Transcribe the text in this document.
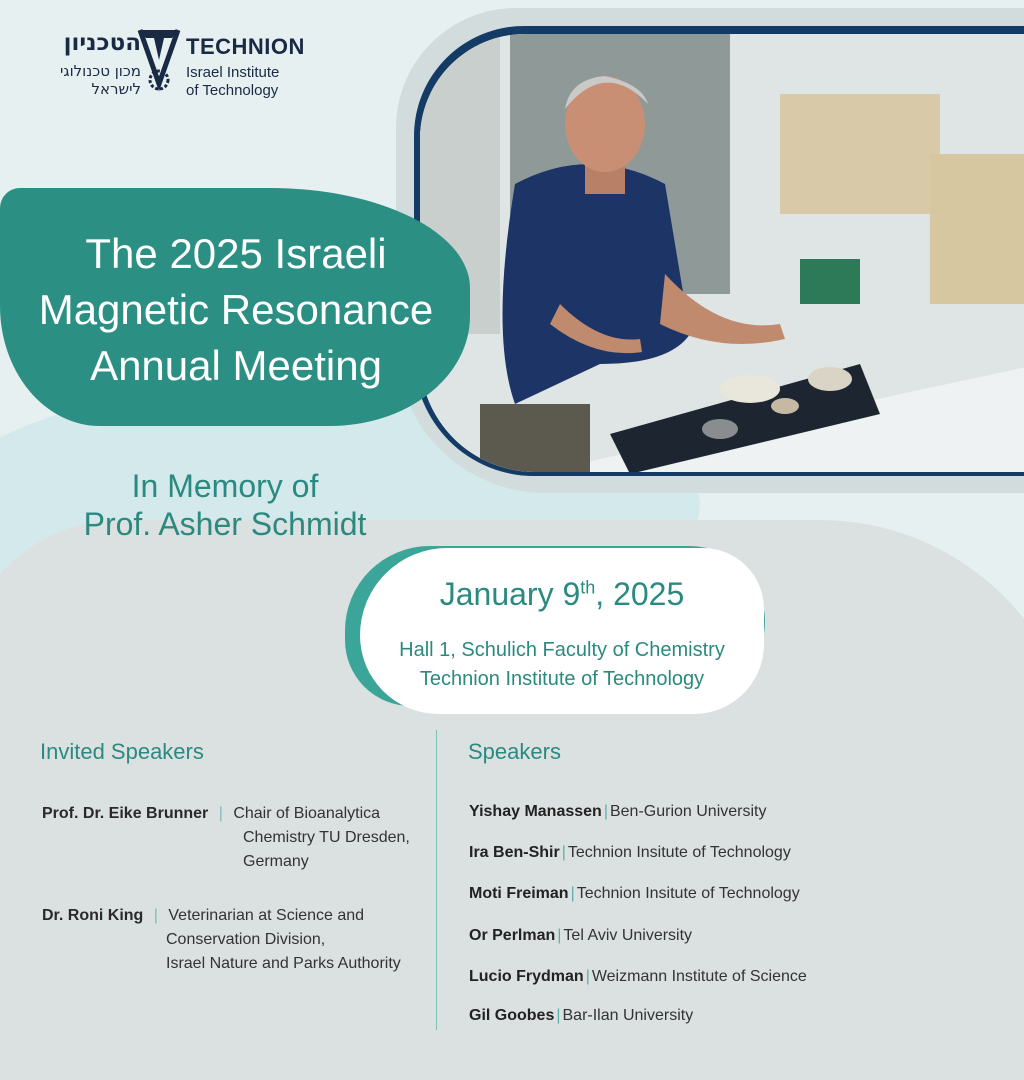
הטכניון
מכון טכנולוגי
לישראל
TECHNION
Israel Institute
of Technology
The 2025 Israeli
Magnetic Resonance
Annual Meeting
In Memory of
Prof. Asher Schmidt
January 9th, 2025
Hall 1, Schulich Faculty of Chemistry
Technion Institute of Technology
Invited Speakers
Prof. Dr. Eike Brunner | Chair of Bioanalytica
Chemistry TU Dresden,
Germany
Dr. Roni King | Veterinarian at Science and
Conservation Division,
Israel Nature and Parks Authority
Speakers
Yishay Manassen | Ben-Gurion University
Ira Ben-Shir | Technion Insitute of Technology
Moti Freiman | Technion Insitute of Technology
Or Perlman | Tel Aviv University
Lucio Frydman | Weizmann Institute of Science
Gil Goobes | Bar-Ilan University
